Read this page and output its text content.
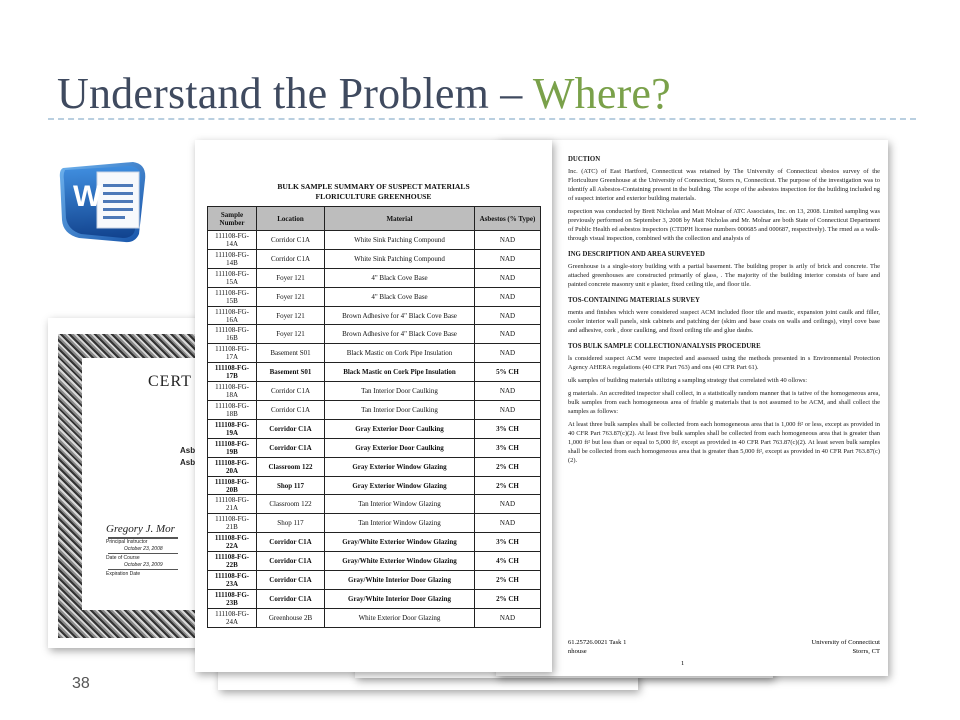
Understand the Problem – Where?
W
CERT
Asb
Asb
Gregory J. Mor
Principal Instructor
October 23, 2008
Date of Course
October 23, 2009
Expiration Date
DUCTION
Inc. (ATC) of East Hartford, Connecticut was retained by The University of Connecticut sbestos survey of the Floriculture Greenhouse at the University of Connecticut, Storrs rs, Connecticut. The purpose of the investigation was to identify all Asbestos-Containing present in the building. The scope of the asbestos inspection for the building included ng of suspect interior and exterior building materials.
nspection was conducted by Brett Nicholas and Matt Molnar of ATC Associates, Inc. on 13, 2008. Limited sampling was previously performed on September 3, 2008 by Matt Nicholas and Mr. Molnar are both State of Connecticut Department of Public Health ed asbestos inspectors (CTDPH license numbers 000685 and 000687, respectively). The rmed as a walk-through visual inspection, combined with the collection and analysis of
ING DESCRIPTION AND AREA SURVEYED
Greenhouse is a single-story building with a partial basement. The building proper is arily of brick and concrete. The attached greenhouses are constructed primarily of glass, . The majority of the building interior consists of bare and painted concrete masonry unit e plaster, fixed ceiling tile, and floor tile.
TOS-CONTAINING MATERIALS SURVEY
ments and finishes which were considered suspect ACM included floor tile and mastic, expansion joint caulk and filler, cooler interior wall panels, sink cabinets and patching der (skim and base coats on walls and ceilings), vinyl cove base and adhesive, cork , door caulking, and fixed ceiling tile and glue daubs.
TOS BULK SAMPLE COLLECTION/ANALYSIS PROCEDURE
ls considered suspect ACM were inspected and assessed using the methods presented in s Environmental Protection Agency AHERA regulations (40 CFR Part 763) and ons (40 CFR Part 61).
ulk samples of building materials utilizing a sampling strategy that correlated with 40 ollows:
g materials. An accredited inspector shall collect, in a statistically random manner that is tative of the homogeneous area, bulk samples from each homogeneous area of friable g materials that is not assumed to be ACM, and shall collect the samples as follows:
At least three bulk samples shall be collected from each homogeneous area that is 1,000 ft² or less, except as provided in 40 CFR Part 763.87(c)(2). At least five bulk samples shall be collected from each homogeneous area that is greater than 1,000 ft² but less than or equal to 5,000 ft², except as provided in 40 CFR Part 763.87(c)(2). At least seven bulk samples shall be collected from each homogeneous area that is greater than 5,000 ft², except as provided in 40 CFR Part 763.87(c)(2).
61.25726.0021 Task 1	University of Connecticut
nhouse	Storrs, CT
1
BULK SAMPLE SUMMARY OF SUSPECT MATERIALS
FLORICULTURE GREENHOUSE
Sample Number	Location	Material	Asbestos (% Type)
111108-FG-14A	Corridor C1A	White Sink Patching Compound	NAD
111108-FG-14B	Corridor C1A	White Sink Patching Compound	NAD
111108-FG-15A	Foyer 121	4" Black Cove Base	NAD
111108-FG-15B	Foyer 121	4" Black Cove Base	NAD
111108-FG-16A	Foyer 121	Brown Adhesive for 4" Black Cove Base	NAD
111108-FG-16B	Foyer 121	Brown Adhesive for 4" Black Cove Base	NAD
111108-FG-17A	Basement S01	Black Mastic on Cork Pipe Insulation	NAD
111108-FG-17B	Basement S01	Black Mastic on Cork Pipe Insulation	5% CH
111108-FG-18A	Corridor C1A	Tan Interior Door Caulking	NAD
111108-FG-18B	Corridor C1A	Tan Interior Door Caulking	NAD
111108-FG-19A	Corridor C1A	Gray Exterior Door Caulking	3% CH
111108-FG-19B	Corridor C1A	Gray Exterior Door Caulking	3% CH
111108-FG-20A	Classroom 122	Gray Exterior Window Glazing	2% CH
111108-FG-20B	Shop 117	Gray Exterior Window Glazing	2% CH
111108-FG-21A	Classroom 122	Tan Interior Window Glazing	NAD
111108-FG-21B	Shop 117	Tan Interior Window Glazing	NAD
111108-FG-22A	Corridor C1A	Gray/White Exterior Window Glazing	3% CH
111108-FG-22B	Corridor C1A	Gray/White Exterior Window Glazing	4% CH
111108-FG-23A	Corridor C1A	Gray/White Interior Door Glazing	2% CH
111108-FG-23B	Corridor C1A	Gray/White Interior Door Glazing	2% CH
111108-FG-24A	Greenhouse 2B	White Exterior Door Glazing	NAD
38
